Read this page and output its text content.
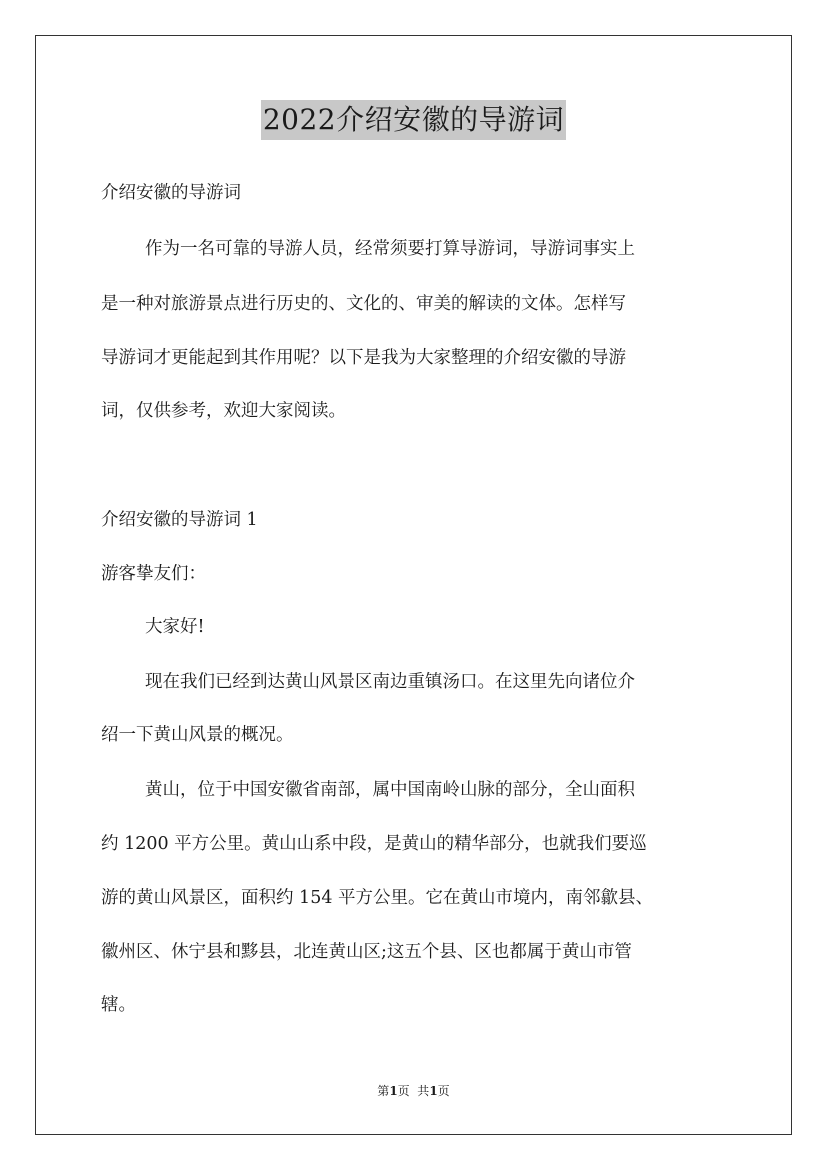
2022介绍安徽的导游词
介绍安徽的导游词
作为一名可靠的导游人员，经常须要打算导游词，导游词事实上
是一种对旅游景点进行历史的、文化的、审美的解读的文体。怎样写
导游词才更能起到其作用呢？以下是我为大家整理的介绍安徽的导游
词，仅供参考，欢迎大家阅读。
介绍安徽的导游词 1
游客挚友们：
大家好!
现在我们已经到达黄山风景区南边重镇汤口。在这里先向诸位介
绍一下黄山风景的概况。
黄山，位于中国安徽省南部，属中国南岭山脉的部分，全山面积
约 1200 平方公里。黄山山系中段，是黄山的精华部分，也就我们要巡
游的黄山风景区，面积约 154 平方公里。它在黄山市境内，南邻歙县、
徽州区、休宁县和黟县，北连黄山区;这五个县、区也都属于黄山市管
辖。
第1页  共1页
